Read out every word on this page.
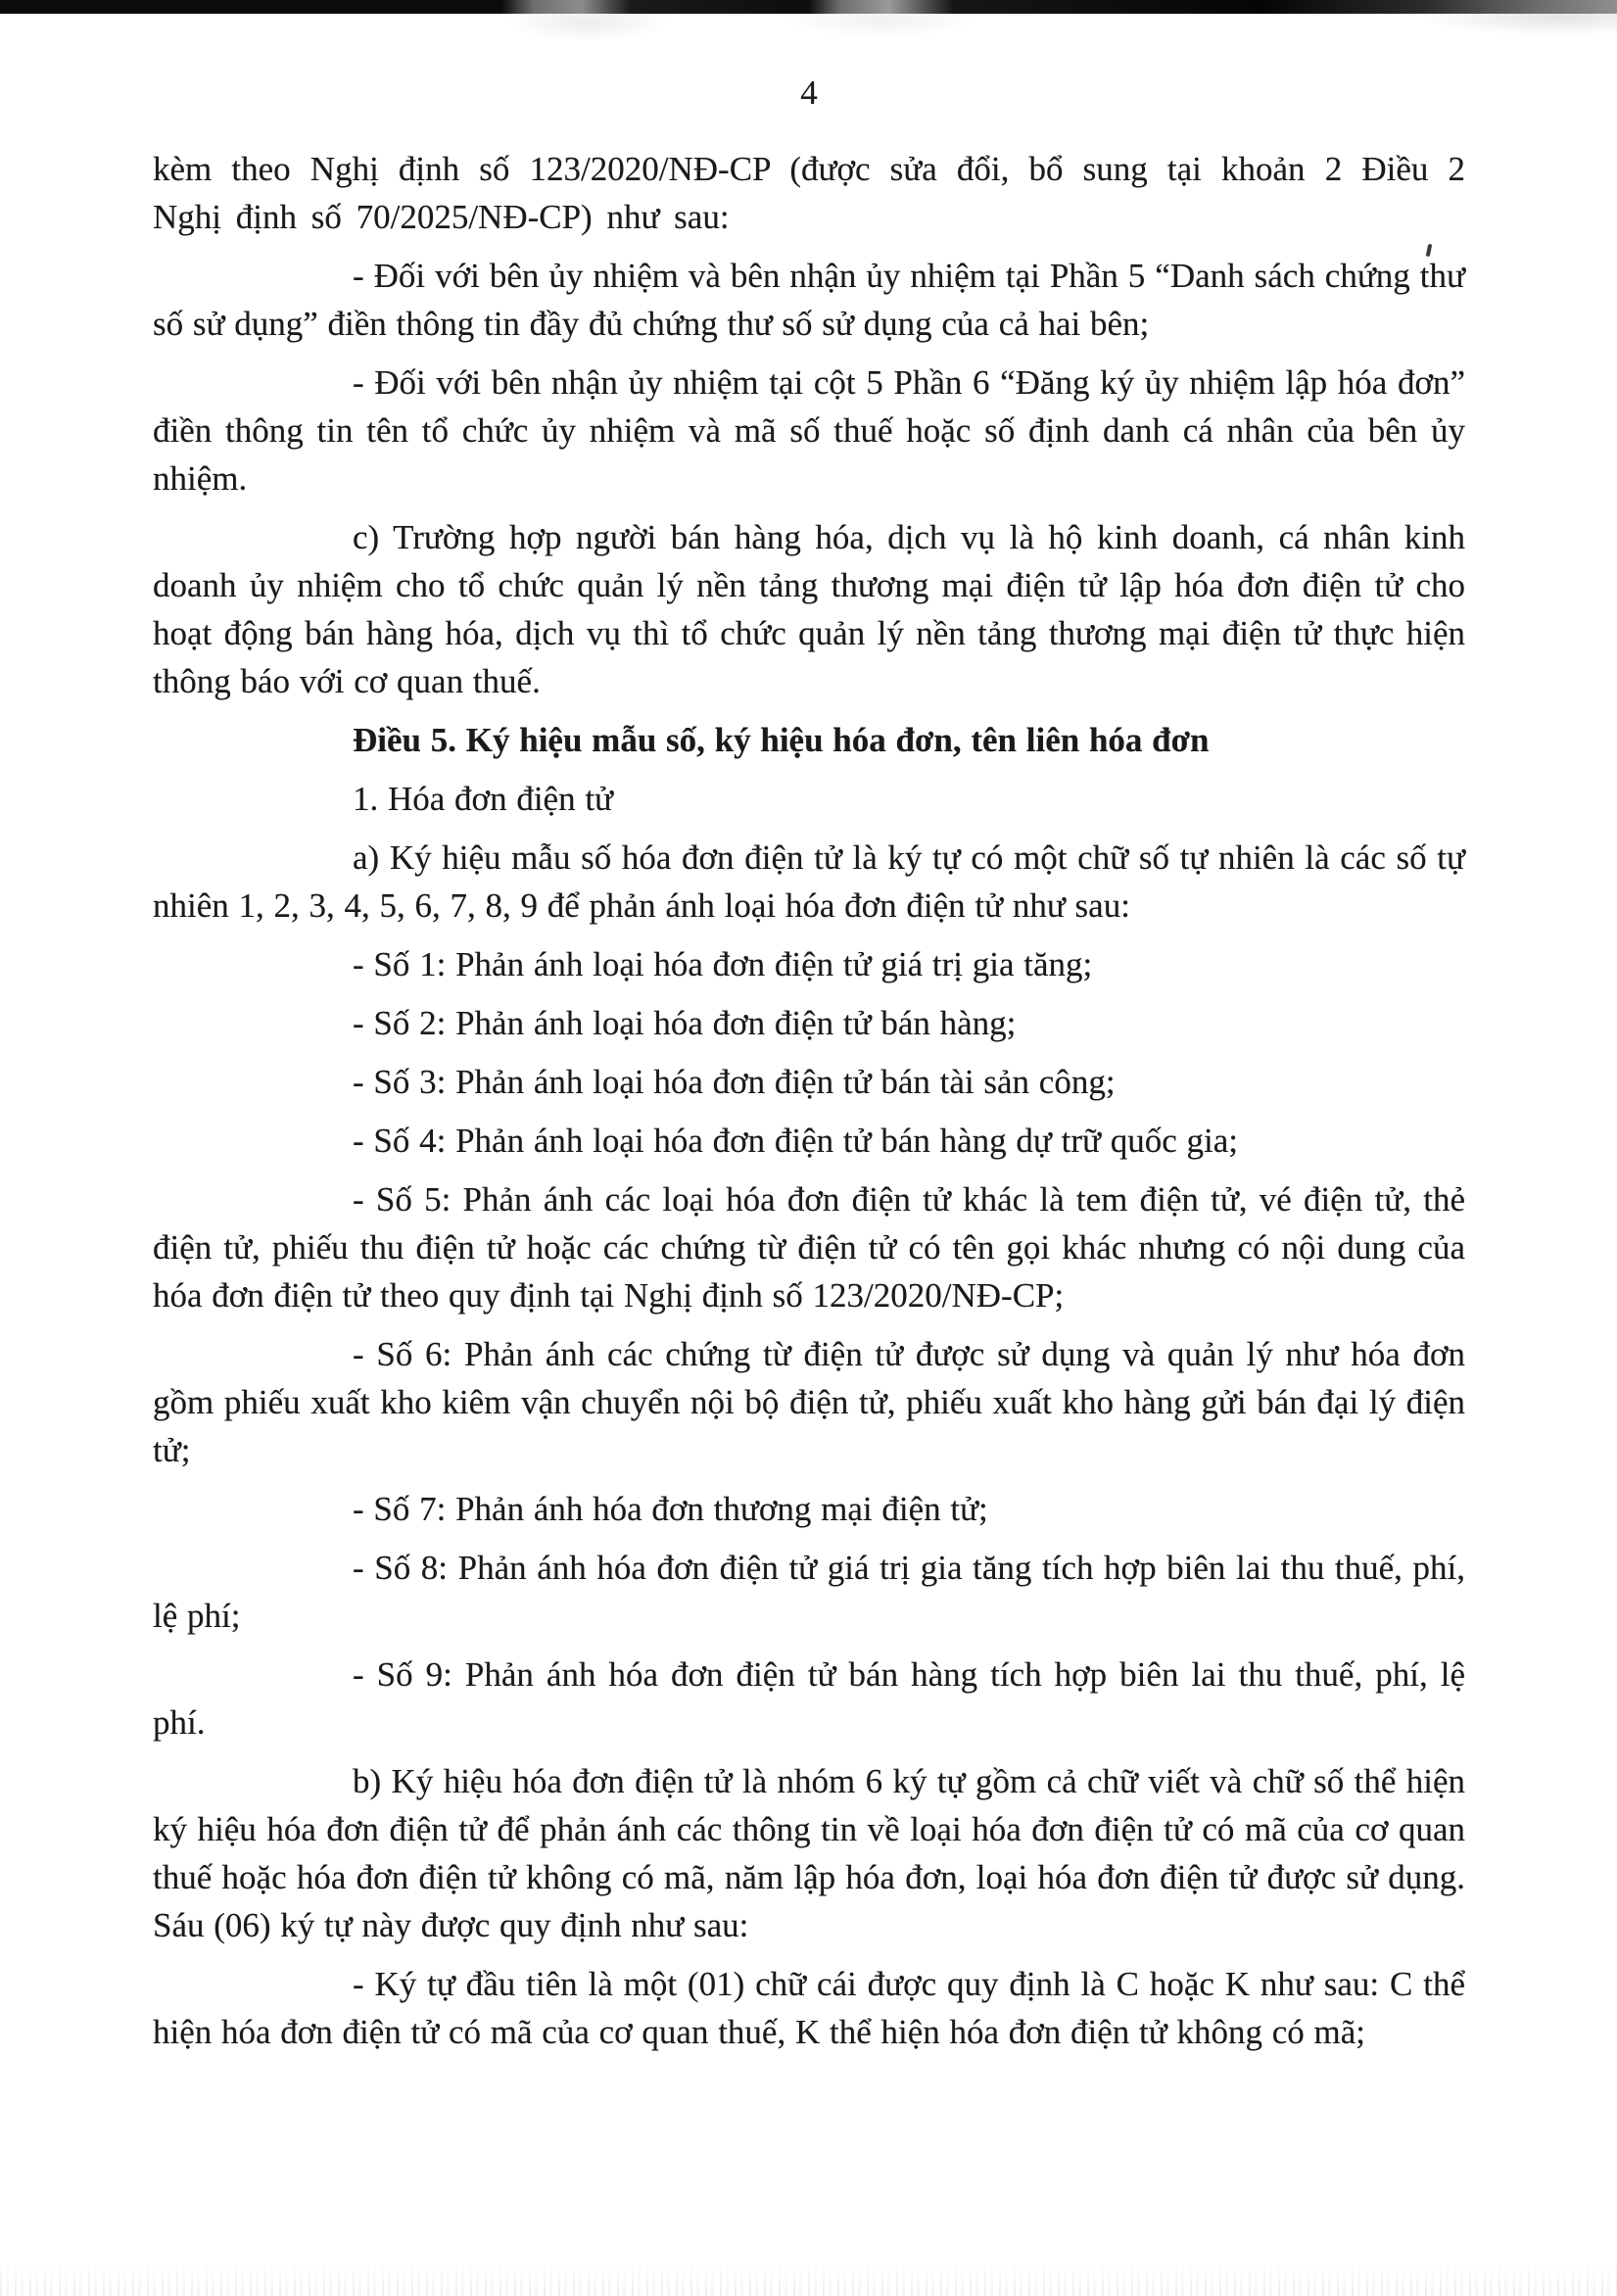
4

kèm theo Nghị định số 123/2020/NĐ-CP (được sửa đổi, bổ sung tại khoản 2 Điều 2 Nghị định số 70/2025/NĐ-CP) như sau:

- Đối với bên ủy nhiệm và bên nhận ủy nhiệm tại Phần 5 “Danh sách chứng thư số sử dụng” điền thông tin đầy đủ chứng thư số sử dụng của cả hai bên;

- Đối với bên nhận ủy nhiệm tại cột 5 Phần 6 “Đăng ký ủy nhiệm lập hóa đơn” điền thông tin tên tổ chức ủy nhiệm và mã số thuế hoặc số định danh cá nhân của bên ủy nhiệm.

c) Trường hợp người bán hàng hóa, dịch vụ là hộ kinh doanh, cá nhân kinh doanh ủy nhiệm cho tổ chức quản lý nền tảng thương mại điện tử lập hóa đơn điện tử cho hoạt động bán hàng hóa, dịch vụ thì tổ chức quản lý nền tảng thương mại điện tử thực hiện thông báo với cơ quan thuế.

Điều 5. Ký hiệu mẫu số, ký hiệu hóa đơn, tên liên hóa đơn

1. Hóa đơn điện tử

a) Ký hiệu mẫu số hóa đơn điện tử là ký tự có một chữ số tự nhiên là các số tự nhiên 1, 2, 3, 4, 5, 6, 7, 8, 9 để phản ánh loại hóa đơn điện tử như sau:

- Số 1: Phản ánh loại hóa đơn điện tử giá trị gia tăng;

- Số 2: Phản ánh loại hóa đơn điện tử bán hàng;

- Số 3: Phản ánh loại hóa đơn điện tử bán tài sản công;

- Số 4: Phản ánh loại hóa đơn điện tử bán hàng dự trữ quốc gia;

- Số 5: Phản ánh các loại hóa đơn điện tử khác là tem điện tử, vé điện tử, thẻ điện tử, phiếu thu điện tử hoặc các chứng từ điện tử có tên gọi khác nhưng có nội dung của hóa đơn điện tử theo quy định tại Nghị định số 123/2020/NĐ-CP;

- Số 6: Phản ánh các chứng từ điện tử được sử dụng và quản lý như hóa đơn gồm phiếu xuất kho kiêm vận chuyển nội bộ điện tử, phiếu xuất kho hàng gửi bán đại lý điện tử;

- Số 7: Phản ánh hóa đơn thương mại điện tử;

- Số 8: Phản ánh hóa đơn điện tử giá trị gia tăng tích hợp biên lai thu thuế, phí, lệ phí;

- Số 9: Phản ánh hóa đơn điện tử bán hàng tích hợp biên lai thu thuế, phí, lệ phí.

b) Ký hiệu hóa đơn điện tử là nhóm 6 ký tự gồm cả chữ viết và chữ số thể hiện ký hiệu hóa đơn điện tử để phản ánh các thông tin về loại hóa đơn điện tử có mã của cơ quan thuế hoặc hóa đơn điện tử không có mã, năm lập hóa đơn, loại hóa đơn điện tử được sử dụng. Sáu (06) ký tự này được quy định như sau:

- Ký tự đầu tiên là một (01) chữ cái được quy định là C hoặc K như sau: C thể hiện hóa đơn điện tử có mã của cơ quan thuế, K thể hiện hóa đơn điện tử không có mã;
